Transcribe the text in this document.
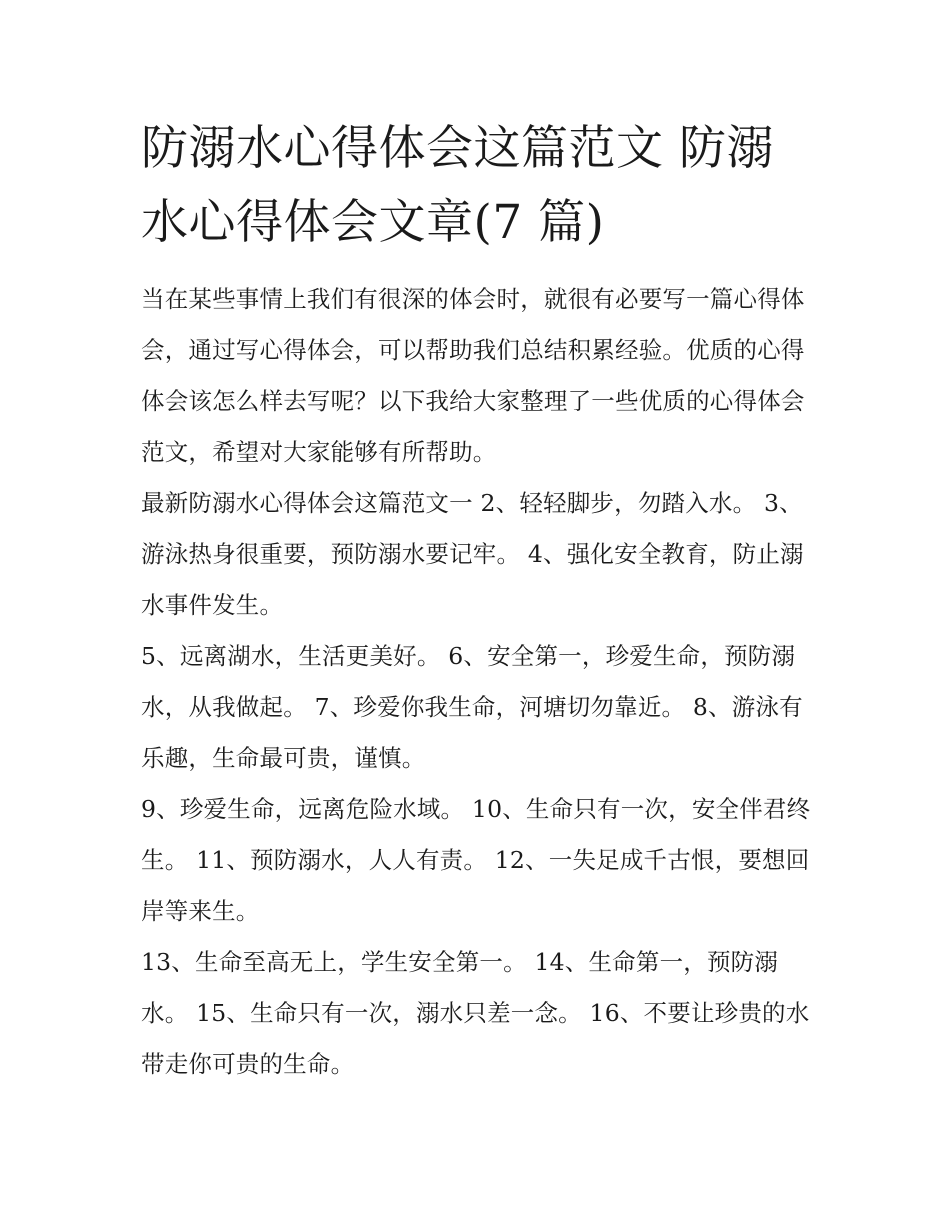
防溺水心得体会这篇范文 防溺水心得体会文章(7 篇)

当在某些事情上我们有很深的体会时，就很有必要写一篇心得体会，通过写心得体会，可以帮助我们总结积累经验。优质的心得体会该怎么样去写呢？以下我给大家整理了一些优质的心得体会范文，希望对大家能够有所帮助。

最新防溺水心得体会这篇范文一 2、轻轻脚步，勿踏入水。 3、游泳热身很重要，预防溺水要记牢。 4、强化安全教育，防止溺水事件发生。

5、远离湖水，生活更美好。 6、安全第一，珍爱生命，预防溺水，从我做起。 7、珍爱你我生命，河塘切勿靠近。 8、游泳有乐趣，生命最可贵，谨慎。

9、珍爱生命，远离危险水域。 10、生命只有一次，安全伴君终生。 11、预防溺水，人人有责。 12、一失足成千古恨，要想回岸等来生。

13、生命至高无上，学生安全第一。 14、生命第一，预防溺水。 15、生命只有一次，溺水只差一念。 16、不要让珍贵的水带走你可贵的生命。
